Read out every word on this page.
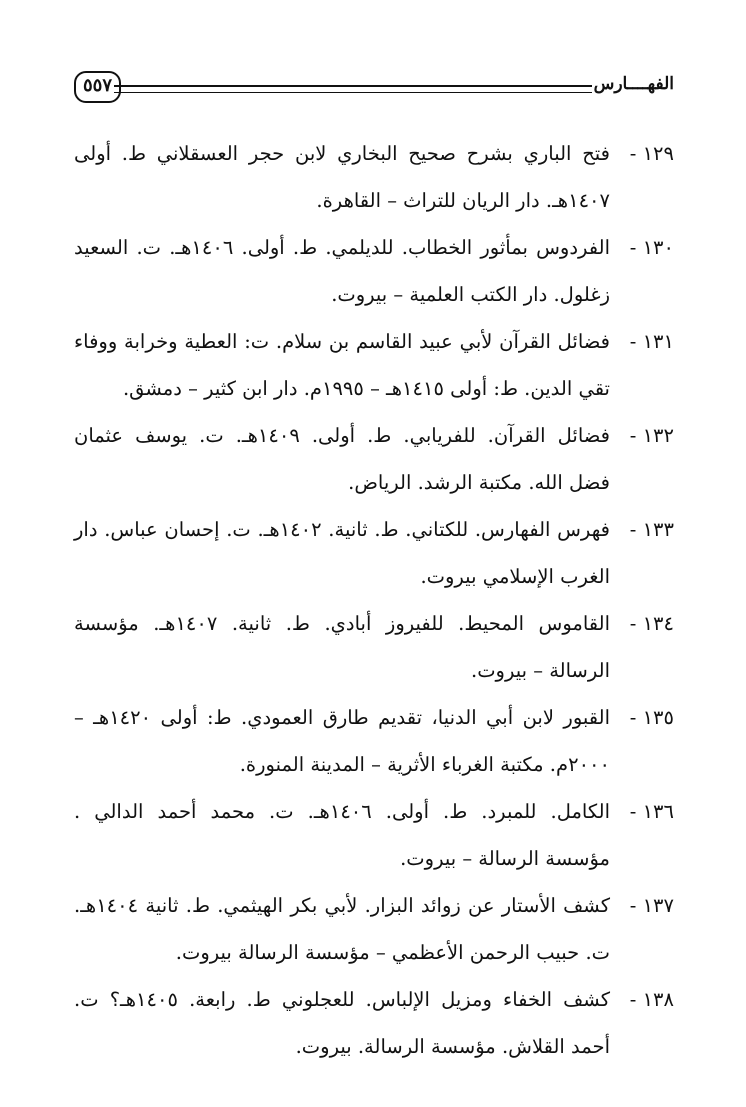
الفهــــارس
٥٥٧

١٢٩ -
فتح الباري بشرح صحيح البخاري لابن حجر العسقلاني ط. أولى ١٤٠٧هـ. دار الريان للتراث – القاهرة.

١٣٠ -
الفردوس بمأثور الخطاب. للديلمي. ط. أولى. ١٤٠٦هـ. ت. السعيد زغلول. دار الكتب العلمية – بيروت.

١٣١ -
فضائل القرآن لأبي عبيد القاسم بن سلام. ت: العطية وخرابة ووفاء تقي الدين. ط: أولى ١٤١٥هـ – ١٩٩٥م. دار ابن كثير – دمشق.

١٣٢ -
فضائل القرآن. للفريابي. ط. أولى. ١٤٠٩هـ. ت. يوسف عثمان فضل الله. مكتبة الرشد. الرياض.

١٣٣ -
فهرس الفهارس. للكتاني. ط. ثانية. ١٤٠٢هـ. ت. إحسان عباس. دار الغرب الإسلامي بيروت.

١٣٤ -
القاموس المحيط. للفيروز أبادي. ط. ثانية. ١٤٠٧هـ. مؤسسة الرسالة – بيروت.

١٣٥ -
القبور لابن أبي الدنيا، تقديم طارق العمودي. ط: أولى ١٤٢٠هـ – ٢٠٠٠م. مكتبة الغرباء الأثرية – المدينة المنورة.

١٣٦ -
الكامل. للمبرد. ط. أولى. ١٤٠٦هـ. ت. محمد أحمد الدالي . مؤسسة الرسالة – بيروت.

١٣٧ -
كشف الأستار عن زوائد البزار. لأبي بكر الهيثمي. ط. ثانية ١٤٠٤هـ. ت. حبيب الرحمن الأعظمي – مؤسسة الرسالة بيروت.

١٣٨ -
كشف الخفاء ومزيل الإلباس. للعجلوني ط. رابعة. ١٤٠٥هـ؟ ت. أحمد القلاش. مؤسسة الرسالة. بيروت.
